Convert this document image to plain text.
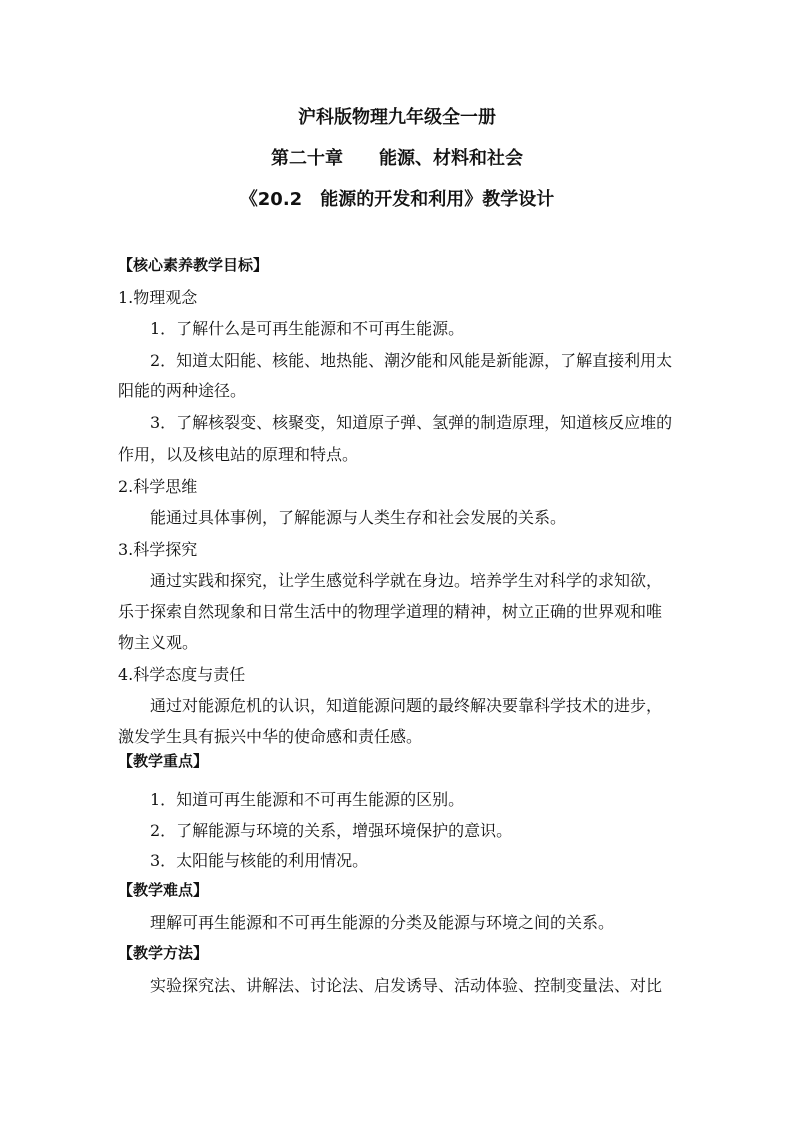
沪科版物理九年级全一册
第二十章　　能源、材料和社会
《20.2　能源的开发和利用》教学设计
【核心素养教学目标】
1.物理观念
1．了解什么是可再生能源和不可再生能源。
2．知道太阳能、核能、地热能、潮汐能和风能是新能源，了解直接利用太
阳能的两种途径。
3．了解核裂变、核聚变，知道原子弹、氢弹的制造原理，知道核反应堆的
作用，以及核电站的原理和特点。
2.科学思维
能通过具体事例，了解能源与人类生存和社会发展的关系。
3.科学探究
通过实践和探究，让学生感觉科学就在身边。培养学生对科学的求知欲，
乐于探索自然现象和日常生活中的物理学道理的精神，树立正确的世界观和唯
物主义观。
4.科学态度与责任
通过对能源危机的认识，知道能源问题的最终解决要靠科学技术的进步，
激发学生具有振兴中华的使命感和责任感。
【教学重点】
1．知道可再生能源和不可再生能源的区别。
2．了解能源与环境的关系，增强环境保护的意识。
3．太阳能与核能的利用情况。
【教学难点】
理解可再生能源和不可再生能源的分类及能源与环境之间的关系。
【教学方法】
实验探究法、讲解法、讨论法、启发诱导、活动体验、控制变量法、对比
